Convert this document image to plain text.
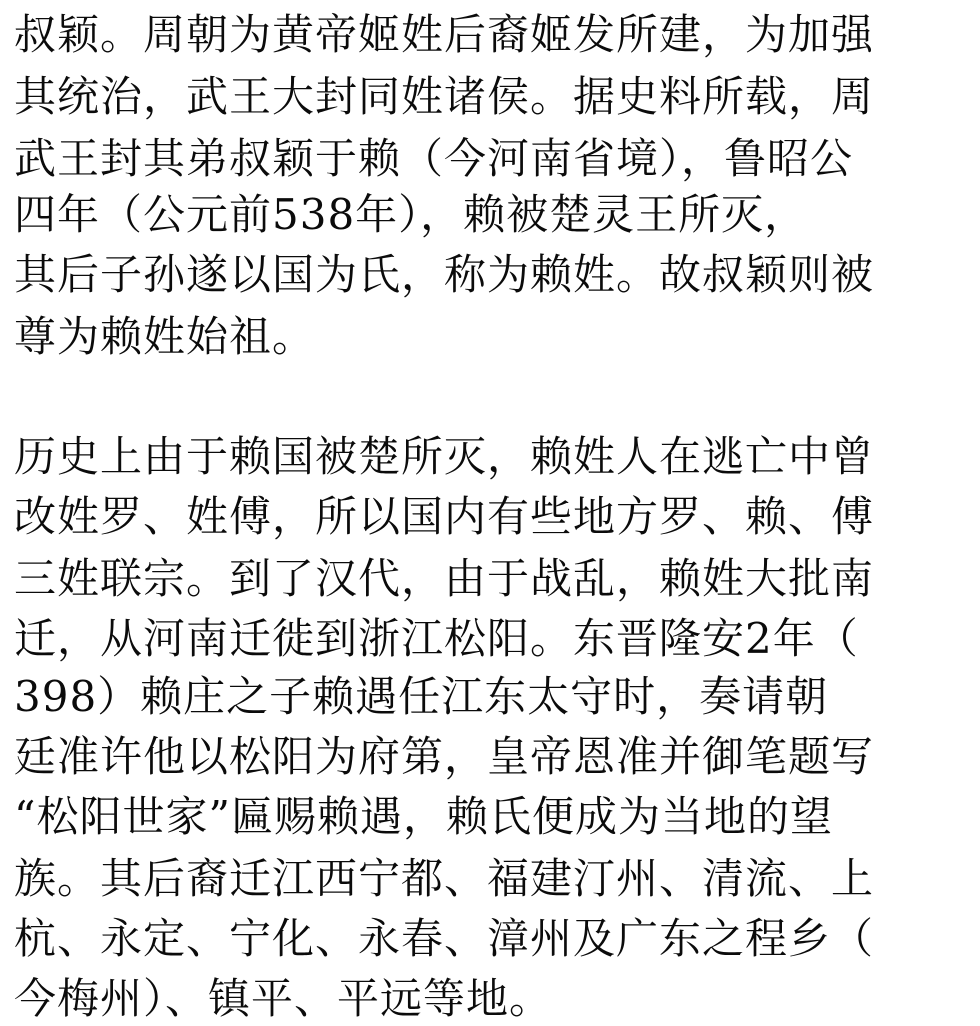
叔颖。周朝为黄帝姬姓后裔姬发所建，为加强
其统治，武王大封同姓诸侯。据史料所载，周
武王封其弟叔颖于赖（今河南省境），鲁昭公
四年（公元前538年），赖被楚灵王所灭，
其后子孙遂以国为氏，称为赖姓。故叔颖则被
尊为赖姓始祖。
历史上由于赖国被楚所灭，赖姓人在逃亡中曾
改姓罗、姓傅，所以国内有些地方罗、赖、傅
三姓联宗。到了汉代，由于战乱，赖姓大批南
迁，从河南迁徙到浙江松阳。东晋隆安2年（
398）赖庄之子赖遇任江东太守时，奏请朝
廷准许他以松阳为府第，皇帝恩准并御笔题写
“松阳世家”匾赐赖遇，赖氏便成为当地的望
族。其后裔迁江西宁都、福建汀州、清流、上
杭、永定、宁化、永春、漳州及广东之程乡（
今梅州）、镇平、平远等地。
